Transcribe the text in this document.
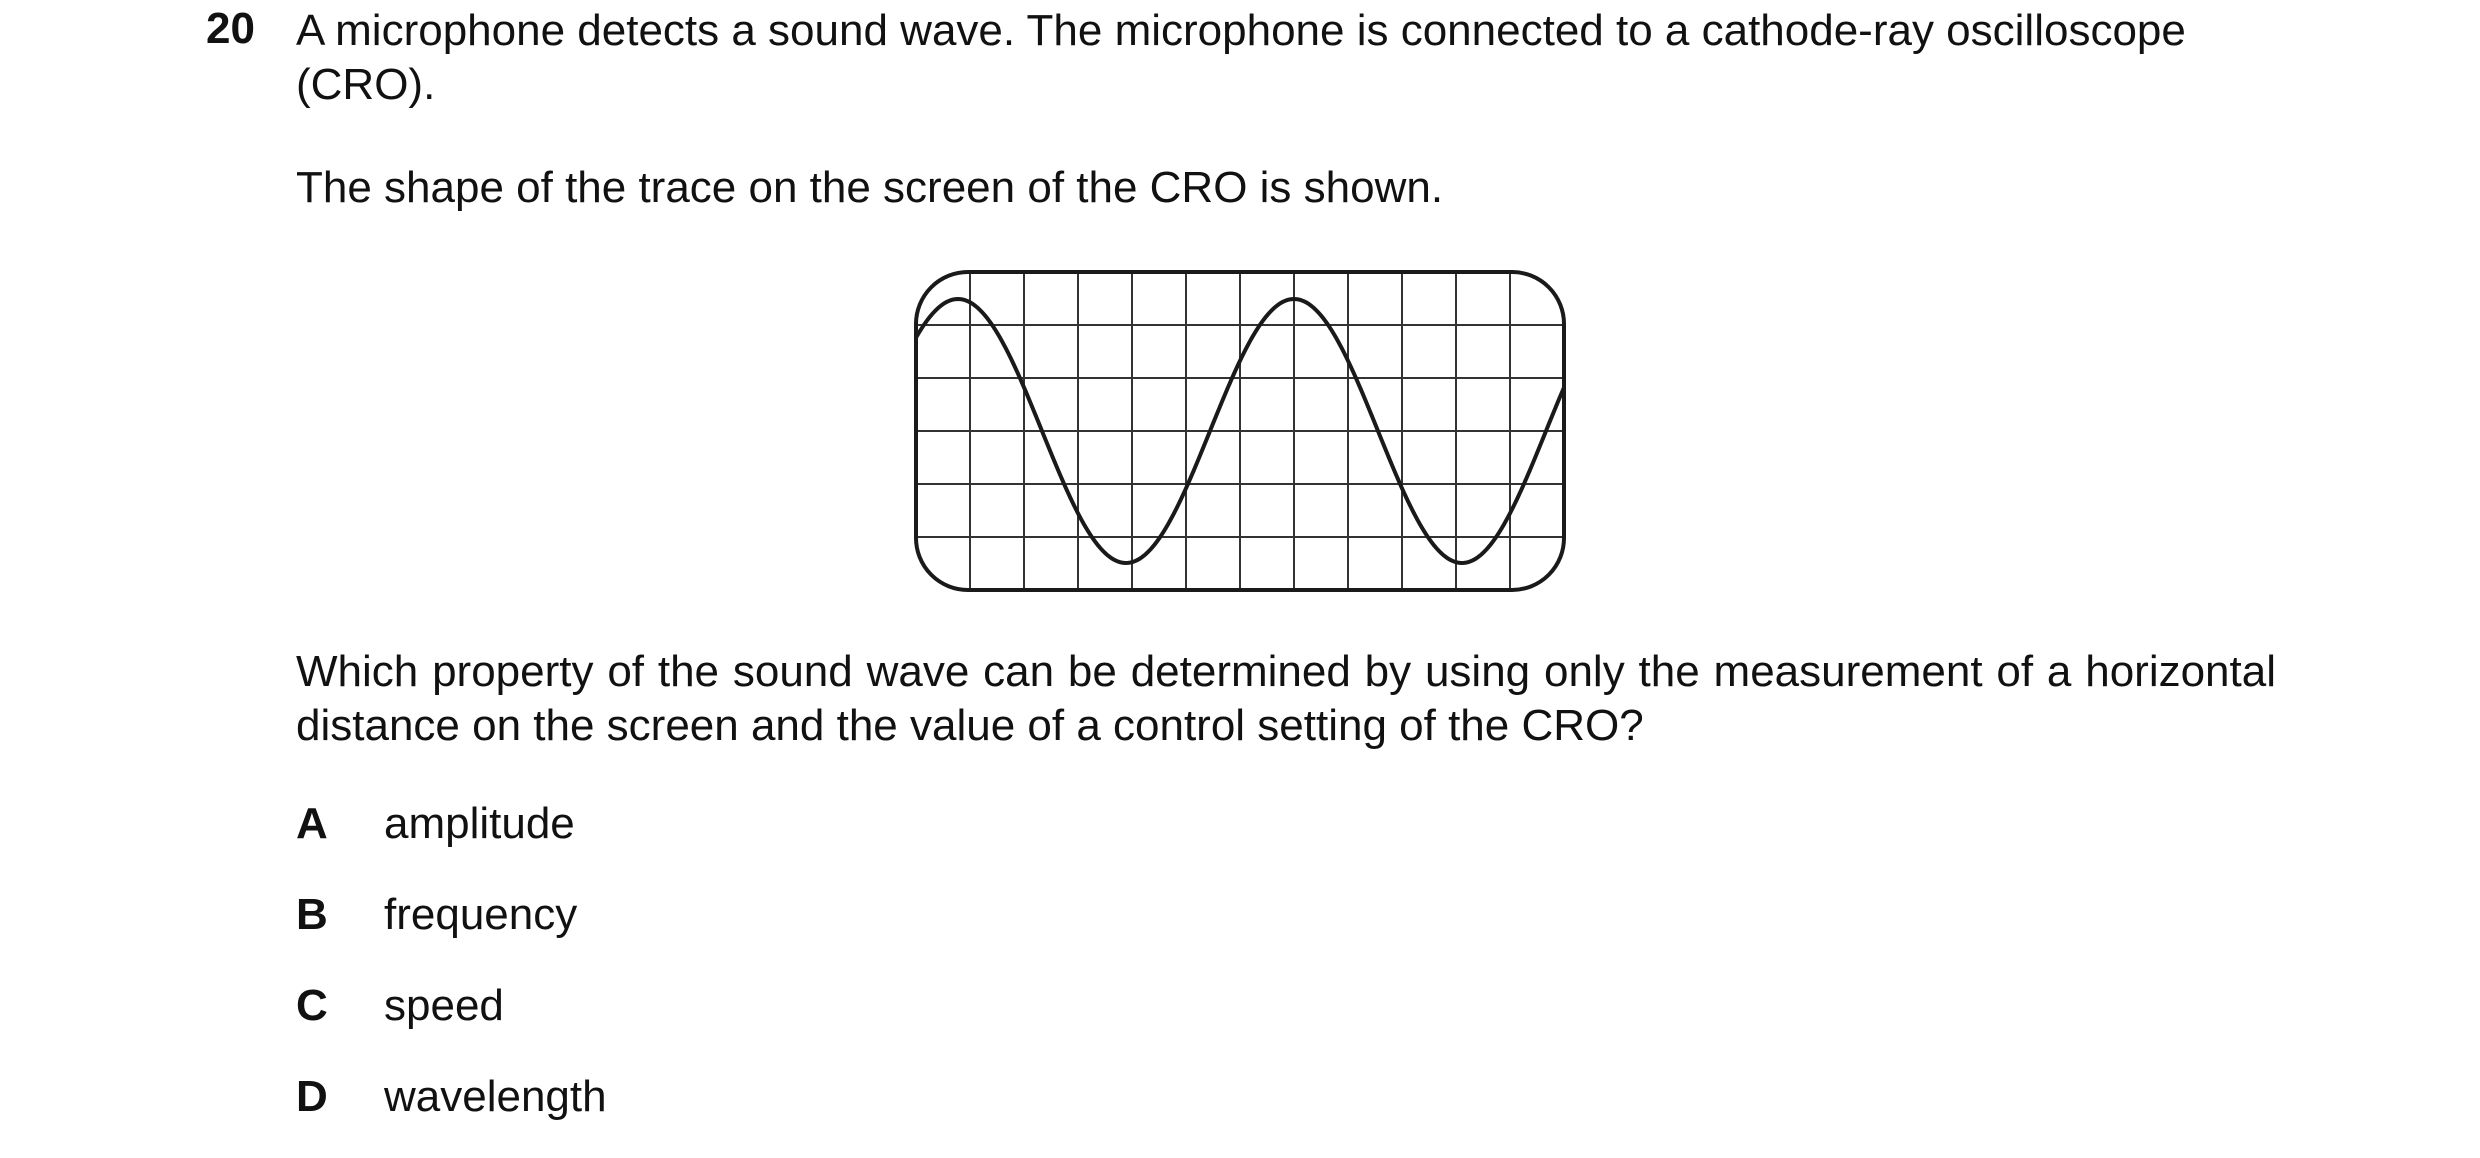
20 A microphone detects a sound wave. The microphone is connected to a cathode-ray oscilloscope (CRO).
The shape of the trace on the screen of the CRO is shown.
Which property of the sound wave can be determined by using only the measurement of a horizontal distance on the screen and the value of a control setting of the CRO?
A amplitude
B frequency
C speed
D wavelength
